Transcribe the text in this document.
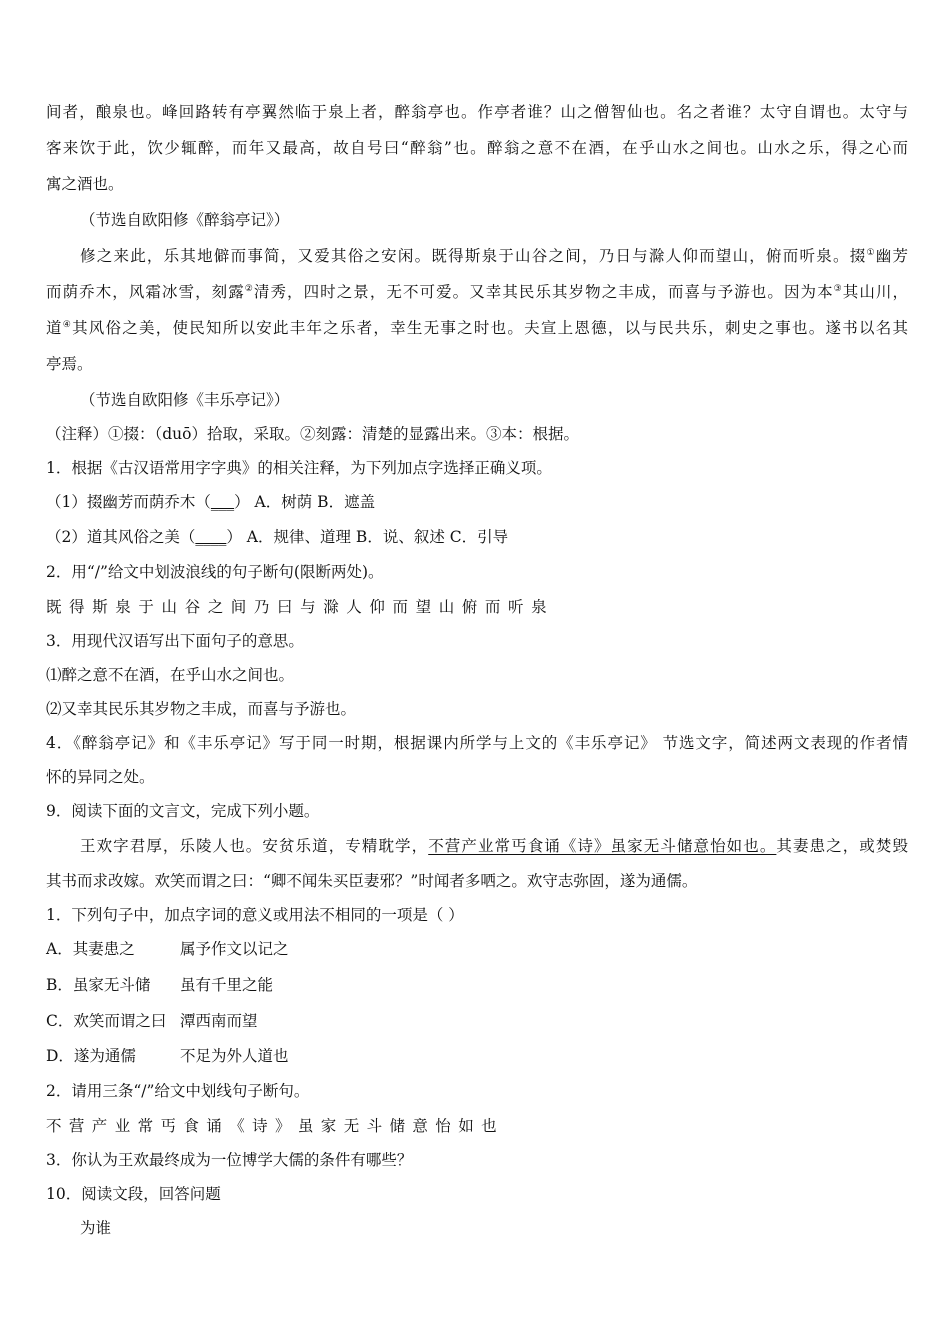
间者，酿泉也。峰回路转有亭翼然临于泉上者，醉翁亭也。作亭者谁？山之僧智仙也。名之者谁？太守自谓也。太守与
客来饮于此，饮少辄醉，而年又最高，故自号曰“醉翁”也。醉翁之意不在酒，在乎山水之间也。山水之乐，得之心而
寓之酒也。
（节选自欧阳修《醉翁亭记》）
修之来此，乐其地僻而事简，又爱其俗之安闲。既得斯泉于山谷之间，乃日与滁人仰而望山，俯而听泉。掇①幽芳
而荫乔木，风霜冰雪，刻露②清秀，四时之景，无不可爱。又幸其民乐其岁物之丰成，而喜与予游也。因为本③其山川，
道④其风俗之美，使民知所以安此丰年之乐者，幸生无事之时也。夫宣上恩德，以与民共乐，刺史之事也。遂书以名其
亭焉。
（节选自欧阳修《丰乐亭记》）
（注释）①掇：（duō）拾取，采取。②刻露：清楚的显露出来。③本：根据。
1．根据《古汉语常用字字典》的相关注释，为下列加点字选择正确义项。
（1）掇幽芳而荫乔木（___） A．树荫 B．遮盖
（2）道其风俗之美（____） A．规律、道理 B．说、叙述 C．引导
2．用“/”给文中划波浪线的句子断句(限断两处)。
既得斯泉于山谷之间乃曰与滁人仰而望山俯而听泉
3．用现代汉语写出下面句子的意思。
⑴醉之意不在酒，在乎山水之间也。
⑵又幸其民乐其岁物之丰成，而喜与予游也。
4．《醉翁亭记》和《丰乐亭记》写于同一时期，根据课内所学与上文的《丰乐亭记》 节选文字，简述两文表现的作者情
怀的异同之处。
9．阅读下面的文言文，完成下列小题。
王欢字君厚，乐陵人也。安贫乐道，专精耽学，不营产业常丐食诵《诗》虽家无斗储意怡如也。其妻患之，或焚毁
其书而求改嫁。欢笑而谓之曰：“卿不闻朱买臣妻邪？”时闻者多哂之。欢守志弥固，遂为通儒。
1．下列句子中，加点字词的意义或用法不相同的一项是（ ）
A．其妻患之	属予作文以记之
B．虽家无斗储 虽有千里之能
C．欢笑而谓之曰 潭西南而望
D．遂为通儒	不足为外人道也
2．请用三条“/”给文中划线句子断句。
不营产业常丐食诵《诗》虽家无斗储意怡如也
3．你认为王欢最终成为一位博学大儒的条件有哪些？
10．阅读文段，回答问题
为谁
